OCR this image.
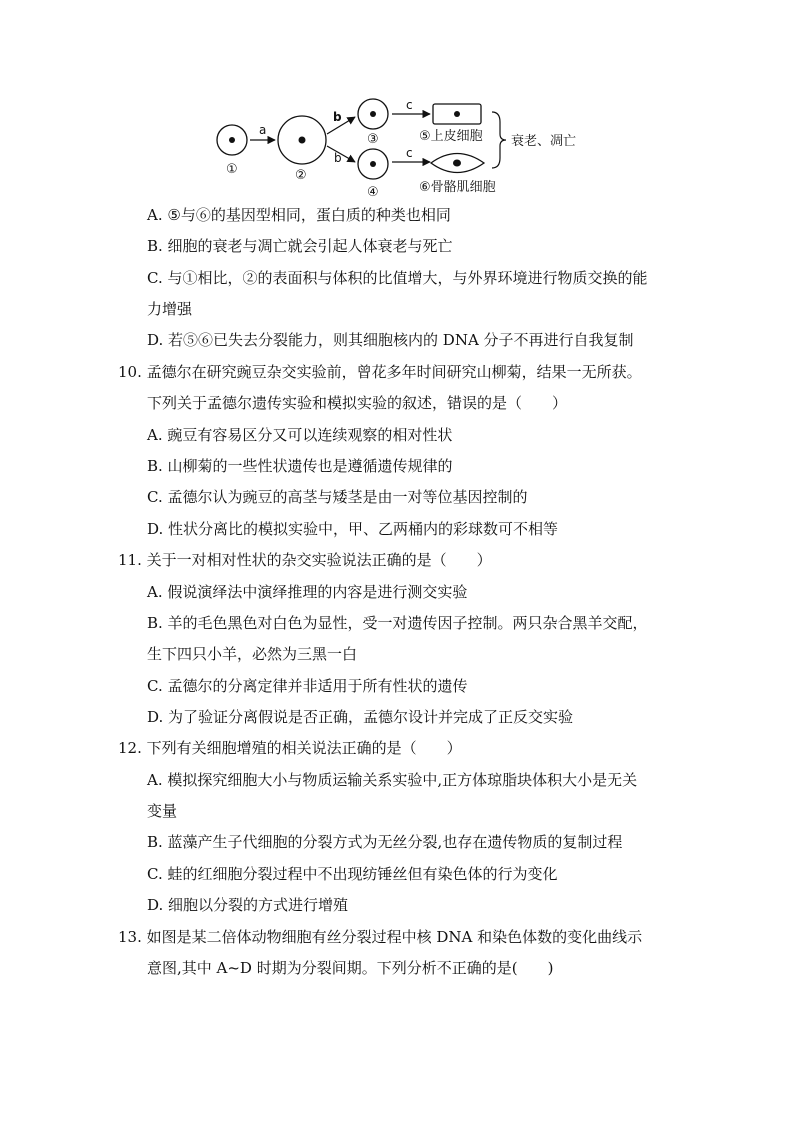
①
a
②
b
b
③
④
c
c
⑤上皮细胞
⑥骨骼肌细胞
衰老、凋亡
A. ⑤与⑥的基因型相同，蛋白质的种类也相同
B. 细胞的衰老与凋亡就会引起人体衰老与死亡
C. 与①相比，②的表面积与体积的比值增大，与外界环境进行物质交换的能
力增强
D. 若⑤⑥已失去分裂能力，则其细胞核内的 DNA 分子不再进行自我复制
10. 孟德尔在研究豌豆杂交实验前，曾花多年时间研究山柳菊，结果一无所获。
下列关于孟德尔遗传实验和模拟实验的叙述，错误的是（　　）
A. 豌豆有容易区分又可以连续观察的相对性状
B. 山柳菊的一些性状遗传也是遵循遗传规律的
C. 孟德尔认为豌豆的高茎与矮茎是由一对等位基因控制的
D. 性状分离比的模拟实验中，甲、乙两桶内的彩球数可不相等
11. 关于一对相对性状的杂交实验说法正确的是（　　）
A. 假说演绎法中演绎推理的内容是进行测交实验
B. 羊的毛色黑色对白色为显性，受一对遗传因子控制。两只杂合黑羊交配，
生下四只小羊，必然为三黑一白
C. 孟德尔的分离定律并非适用于所有性状的遗传
D. 为了验证分离假说是否正确，孟德尔设计并完成了正反交实验
12. 下列有关细胞增殖的相关说法正确的是（　　）
A. 模拟探究细胞大小与物质运输关系实验中,正方体琼脂块体积大小是无关
变量
B. 蓝藻产生子代细胞的分裂方式为无丝分裂,也存在遗传物质的复制过程
C. 蛙的红细胞分裂过程中不出现纺锤丝但有染色体的行为变化
D. 细胞以分裂的方式进行增殖
13. 如图是某二倍体动物细胞有丝分裂过程中核 DNA 和染色体数的变化曲线示
意图,其中 A~D 时期为分裂间期。下列分析不正确的是(　　)
